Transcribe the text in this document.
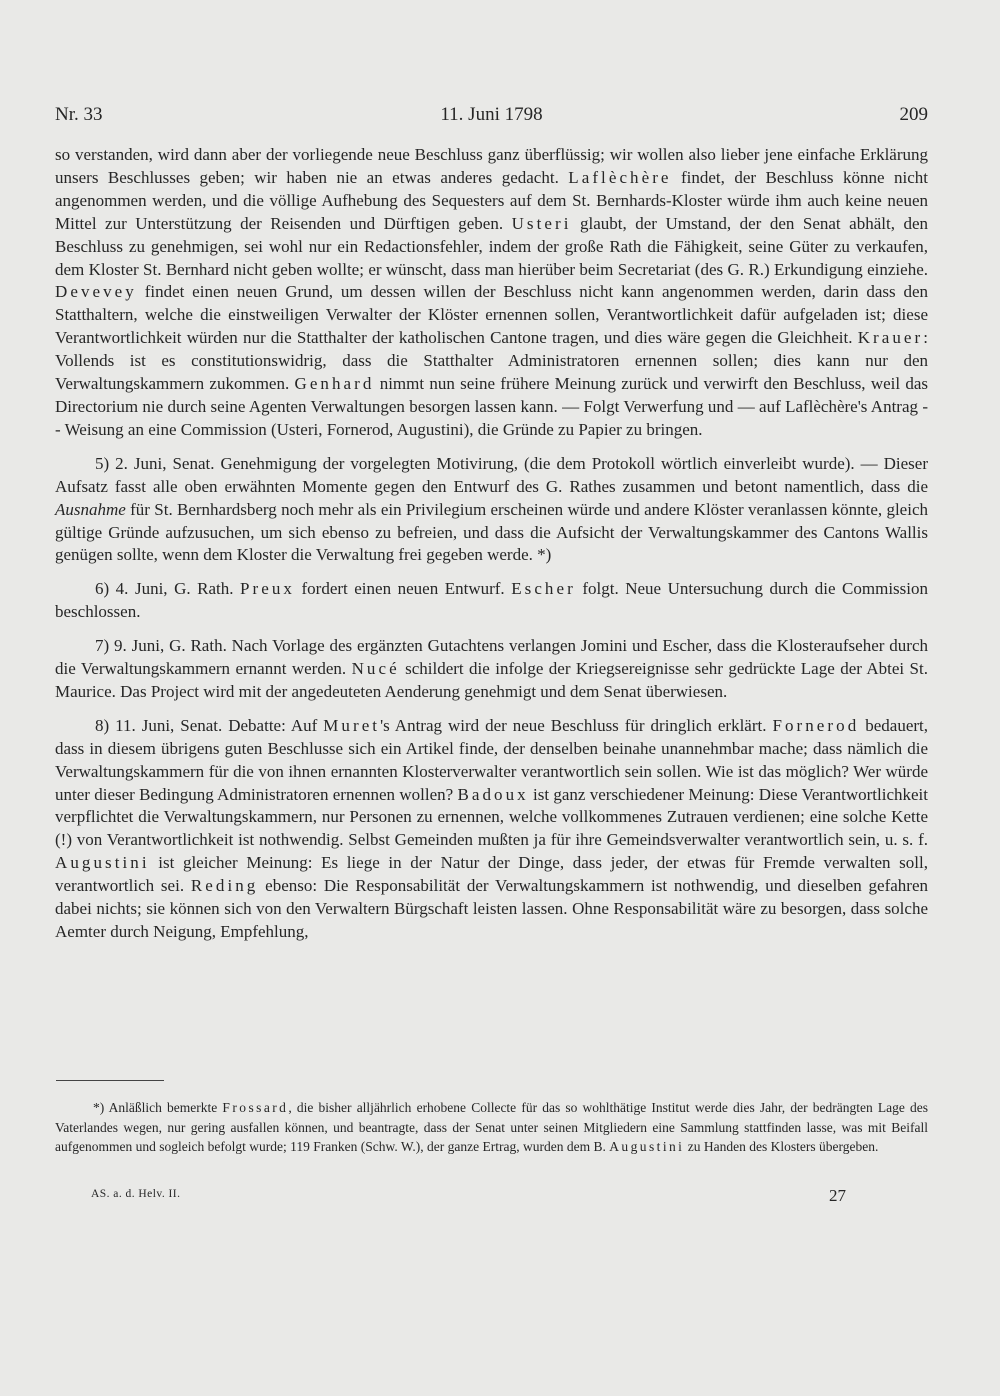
Nr. 33	11. Juni 1798	209

so verstanden, wird dann aber der vorliegende neue Beschluss ganz überflüssig; wir wollen also lieber jene einfache Erklärung unsers Beschlusses geben; wir haben nie an etwas anderes gedacht. Laflèchère findet, der Beschluss könne nicht angenommen werden, und die völlige Aufhebung des Sequesters auf dem St. Bernhards-Kloster würde ihm auch keine neuen Mittel zur Unterstützung der Reisenden und Dürftigen geben. Usteri glaubt, der Umstand, der den Senat abhält, den Beschluss zu genehmigen, sei wohl nur ein Redactionsfehler, indem der große Rath die Fähigkeit, seine Güter zu verkaufen, dem Kloster St. Bernhard nicht geben wollte; er wünscht, dass man hierüber beim Secretariat (des G. R.) Erkundigung einziehe. Devevey findet einen neuen Grund, um dessen willen der Beschluss nicht kann angenommen werden, darin dass den Statthaltern, welche die einstweiligen Verwalter der Klöster ernennen sollen, Verantwortlichkeit dafür aufgeladen ist; diese Verantwortlichkeit würden nur die Statthalter der katholischen Cantone tragen, und dies wäre gegen die Gleichheit. Krauer: Vollends ist es constitutionswidrig, dass die Statthalter Administratoren ernennen sollen; dies kann nur den Verwaltungskammern zukommen. Genhard nimmt nun seine frühere Meinung zurück und verwirft den Beschluss, weil das Directorium nie durch seine Agenten Verwaltungen besorgen lassen kann. — Folgt Verwerfung und — auf Laflèchère's Antrag -- Weisung an eine Commission (Usteri, Fornerod, Augustini), die Gründe zu Papier zu bringen.

5) 2. Juni, Senat. Genehmigung der vorgelegten Motivirung, (die dem Protokoll wörtlich einverleibt wurde). — Dieser Aufsatz fasst alle oben erwähnten Momente gegen den Entwurf des G. Rathes zusammen und betont namentlich, dass die Ausnahme für St. Bernhardsberg noch mehr als ein Privilegium erscheinen würde und andere Klöster veranlassen könnte, gleich gültige Gründe aufzusuchen, um sich ebenso zu befreien, und dass die Aufsicht der Verwaltungskammer des Cantons Wallis genügen sollte, wenn dem Kloster die Verwaltung frei gegeben werde. *)

6) 4. Juni, G. Rath. Preux fordert einen neuen Entwurf. Escher folgt. Neue Untersuchung durch die Commission beschlossen.

7) 9. Juni, G. Rath. Nach Vorlage des ergänzten Gutachtens verlangen Jomini und Escher, dass die Klosteraufseher durch die Verwaltungskammern ernannt werden. Nucé schildert die infolge der Kriegsereignisse sehr gedrückte Lage der Abtei St. Maurice. Das Project wird mit der angedeuteten Aenderung genehmigt und dem Senat überwiesen.

8) 11. Juni, Senat. Debatte: Auf Muret's Antrag wird der neue Beschluss für dringlich erklärt. Fornerod bedauert, dass in diesem übrigens guten Beschlusse sich ein Artikel finde, der denselben beinahe unannehmbar mache; dass nämlich die Verwaltungskammern für die von ihnen ernannten Klosterverwalter verantwortlich sein sollen. Wie ist das möglich? Wer würde unter dieser Bedingung Administratoren ernennen wollen? Badoux ist ganz verschiedener Meinung: Diese Verantwortlichkeit verpflichtet die Verwaltungskammern, nur Personen zu ernennen, welche vollkommenes Zutrauen verdienen; eine solche Kette (!) von Verantwortlichkeit ist nothwendig. Selbst Gemeinden mußten ja für ihre Gemeindsverwalter verantwortlich sein, u. s. f. Augustini ist gleicher Meinung: Es liege in der Natur der Dinge, dass jeder, der etwas für Fremde verwalten soll, verantwortlich sei. Reding ebenso: Die Responsabilität der Verwaltungskammern ist nothwendig, und dieselben gefahren dabei nichts; sie können sich von den Verwaltern Bürgschaft leisten lassen. Ohne Responsabilität wäre zu besorgen, dass solche Aemter durch Neigung, Empfehlung,

*) Anläßlich bemerkte Frossard, die bisher alljährlich erhobene Collecte für das so wohlthätige Institut werde dies Jahr, der bedrängten Lage des Vaterlandes wegen, nur gering ausfallen können, und beantragte, dass der Senat unter seinen Mitgliedern eine Sammlung stattfinden lasse, was mit Beifall aufgenommen und sogleich befolgt wurde; 119 Franken (Schw. W.), der ganze Ertrag, wurden dem B. Augustini zu Handen des Klosters übergeben.

AS. a. d. Helv. II.	27
